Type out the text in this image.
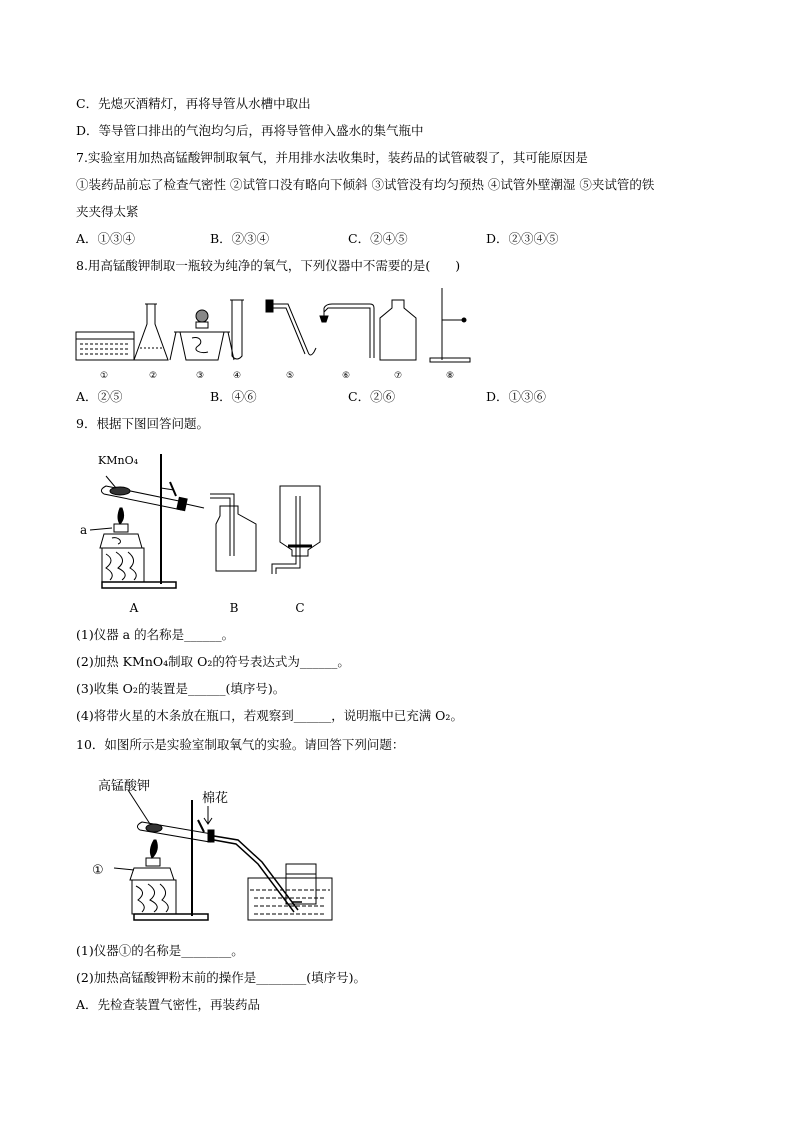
C．先熄灭酒精灯，再将导管从水槽中取出
D．等导管口排出的气泡均匀后，再将导管伸入盛水的集气瓶中
7.实验室用加热高锰酸钾制取氧气，并用排水法收集时，装药品的试管破裂了，其可能原因是
①装药品前忘了检查气密性 ②试管口没有略向下倾斜 ③试管没有均匀预热 ④试管外壁潮湿 ⑤夹试管的铁
夹夹得太紧
A．①③④	B．②③④	C．②④⑤	D．②③④⑤
8.用高锰酸钾制取一瓶较为纯净的氧气，下列仪器中不需要的是(　　)
①	②	③	④	⑤	⑥	⑦	⑧
A．②⑤	B．④⑥	C．②⑥	D．①③⑥
9．根据下图回答问题。
KMnO₄
a
A	B	C
(1)仪器 a 的名称是______。
(2)加热 KMnO₄制取 O₂的符号表达式为______。
(3)收集 O₂的装置是______(填序号)。
(4)将带火星的木条放在瓶口，若观察到______，说明瓶中已充满 O₂。
10．如图所示是实验室制取氧气的实验。请回答下列问题：
高锰酸钾
棉花
①
(1)仪器①的名称是________。
(2)加热高锰酸钾粉末前的操作是________(填序号)。
A．先检查装置气密性，再装药品
